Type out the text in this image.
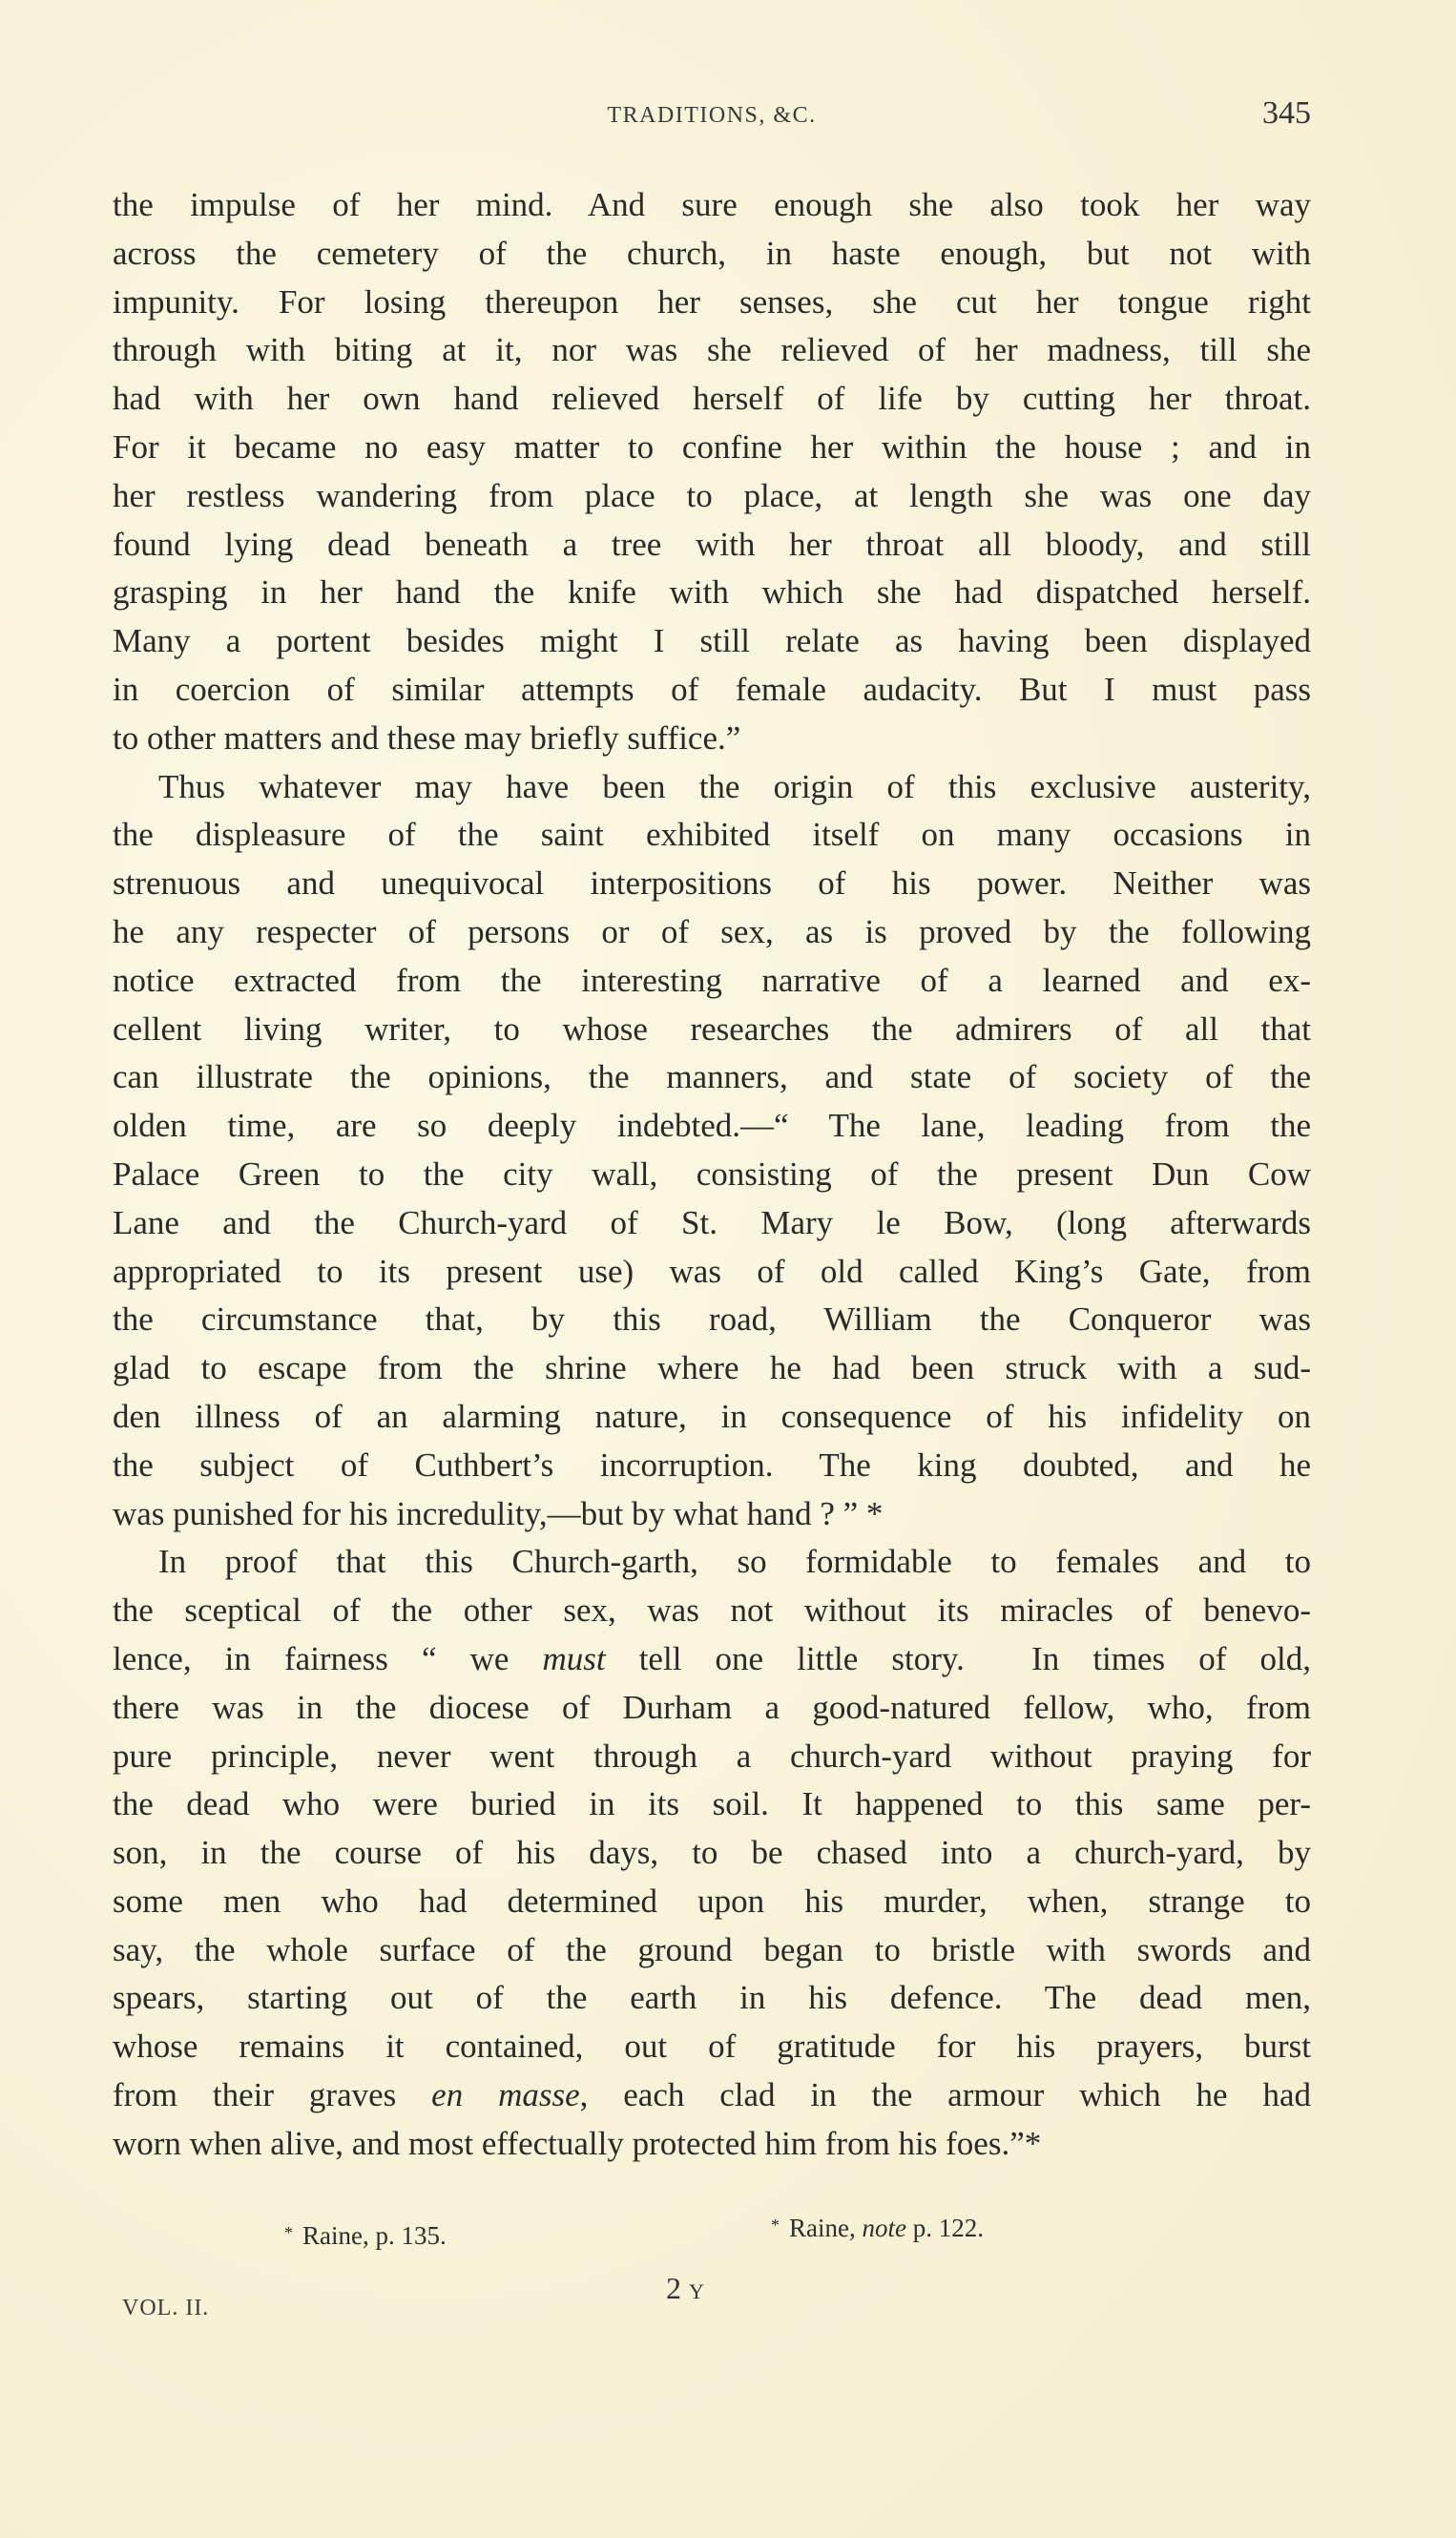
TRADITIONS, &C.	345
the impulse of her mind. And sure enough she also took her way
across the cemetery of the church, in haste enough, but not with
impunity. For losing thereupon her senses, she cut her tongue right
through with biting at it, nor was she relieved of her madness, till she
had with her own hand relieved herself of life by cutting her throat.
For it became no easy matter to confine her within the house ; and in
her restless wandering from place to place, at length she was one day
found lying dead beneath a tree with her throat all bloody, and still
grasping in her hand the knife with which she had dispatched herself.
Many a portent besides might I still relate as having been displayed
in coercion of similar attempts of female audacity. But I must pass
to other matters and these may briefly suffice.”
Thus whatever may have been the origin of this exclusive austerity,
the displeasure of the saint exhibited itself on many occasions in
strenuous and unequivocal interpositions of his power. Neither was
he any respecter of persons or of sex, as is proved by the following
notice extracted from the interesting narrative of a learned and ex-
cellent living writer, to whose researches the admirers of all that
can illustrate the opinions, the manners, and state of society of the
olden time, are so deeply indebted.—“ The lane, leading from the
Palace Green to the city wall, consisting of the present Dun Cow
Lane and the Church-yard of St. Mary le Bow, (long afterwards
appropriated to its present use) was of old called King’s Gate, from
the circumstance that, by this road, William the Conqueror was
glad to escape from the shrine where he had been struck with a sud-
den illness of an alarming nature, in consequence of his infidelity on
the subject of Cuthbert’s incorruption. The king doubted, and he
was punished for his incredulity,—but by what hand ? ” *
In proof that this Church-garth, so formidable to females and to
the sceptical of the other sex, was not without its miracles of benevo-
lence, in fairness “ we must tell one little story.  In times of old,
there was in the diocese of Durham a good-natured fellow, who, from
pure principle, never went through a church-yard without praying for
the dead who were buried in its soil. It happened to this same per-
son, in the course of his days, to be chased into a church-yard, by
some men who had determined upon his murder, when, strange to
say, the whole surface of the ground began to bristle with swords and
spears, starting out of the earth in his defence. The dead men,
whose remains it contained, out of gratitude for his prayers, burst
from their graves en masse, each clad in the armour which he had
worn when alive, and most effectually protected him from his foes.”*
* Raine, p. 135.	* Raine, note p. 122.
VOL. II.
2 Y
